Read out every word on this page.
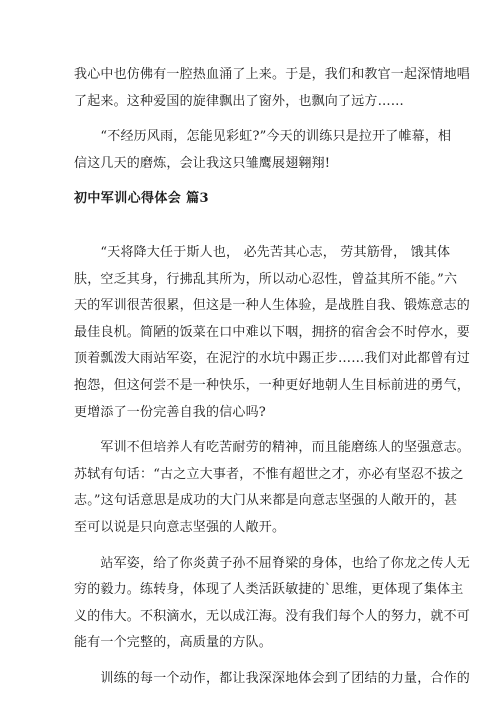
我心中也仿佛有一腔热血涌了上来。于是，我们和教官一起深情地唱
了起来。这种爱国的旋律飘出了窗外，也飘向了远方……

　　“不经历风雨，怎能见彩虹?”今天的训练只是拉开了帷幕，相
信这几天的磨炼，会让我这只雏鹰展翅翱翔!

初中军训心得体会 篇3

　　“天将降大任于斯人也， 必先苦其心志， 劳其筋骨， 饿其体
肤，空乏其身，行拂乱其所为，所以动心忍性，曾益其所不能。”六
天的军训很苦很累，但这是一种人生体验，是战胜自我、锻炼意志的
最佳良机。简陋的饭菜在口中难以下咽，拥挤的宿舍会不时停水，要
顶着瓢泼大雨站军姿，在泥泞的水坑中踢正步……我们对此都曾有过
抱怨，但这何尝不是一种快乐，一种更好地朝人生目标前进的勇气，
更增添了一份完善自我的信心吗?

　　军训不但培养人有吃苦耐劳的精神，而且能磨练人的坚强意志。
苏轼有句话：“古之立大事者，不惟有超世之才，亦必有坚忍不拔之
志。”这句话意思是成功的大门从来都是向意志坚强的人敞开的，甚
至可以说是只向意志坚强的人敞开。

　　站军姿，给了你炎黄子孙不屈脊梁的身体，也给了你龙之传人无
穷的毅力。练转身，体现了人类活跃敏捷的`思维，更体现了集体主
义的伟大。不积滴水，无以成江海。没有我们每个人的努力，就不可
能有一个完整的，高质量的方队。

　　训练的每一个动作，都让我深深地体会到了团结的力量，合作的
